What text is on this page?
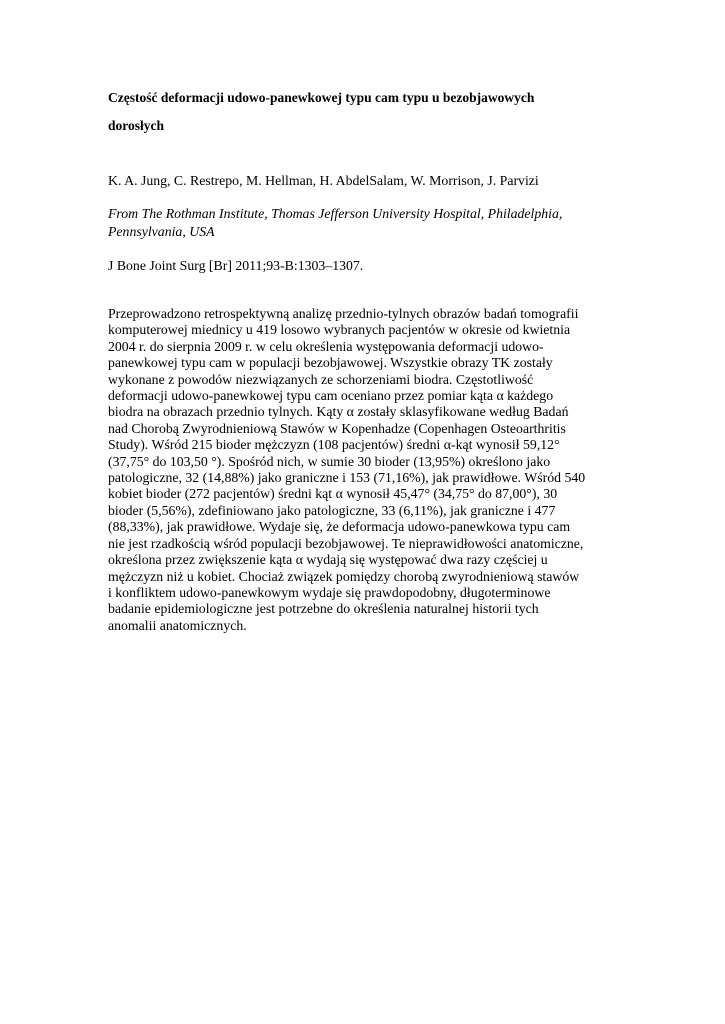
Częstość deformacji udowo-panewkowej typu cam typu u bezobjawowych
dorosłych

K. A. Jung, C. Restrepo, M. Hellman, H. AbdelSalam, W. Morrison, J. Parvizi

From The Rothman Institute, Thomas Jefferson University Hospital, Philadelphia,
Pennsylvania, USA

J Bone Joint Surg [Br] 2011;93-B:1303–1307.

Przeprowadzono retrospektywną analizę przednio-tylnych obrazów badań tomografii
komputerowej miednicy u 419 losowo wybranych pacjentów w okresie od kwietnia
2004 r. do sierpnia 2009 r. w celu określenia występowania deformacji udowo-
panewkowej typu cam w populacji bezobjawowej. Wszystkie obrazy TK zostały
wykonane z powodów niezwiązanych ze schorzeniami biodra. Częstotliwość
deformacji udowo-panewkowej typu cam oceniano przez pomiar kąta α każdego
biodra na obrazach przednio tylnych. Kąty α zostały sklasyfikowane według Badań
nad Chorobą Zwyrodnieniową Stawów w Kopenhadze (Copenhagen Osteoarthritis
Study). Wśród 215 bioder mężczyzn (108 pacjentów) średni α-kąt wynosił 59,12°
(37,75° do 103,50 °). Spośród nich, w sumie 30 bioder (13,95%) określono jako
patologiczne, 32 (14,88%) jako graniczne i 153 (71,16%), jak prawidłowe. Wśród 540
kobiet bioder (272 pacjentów) średni kąt α wynosił 45,47° (34,75° do 87,00°), 30
bioder (5,56%), zdefiniowano jako patologiczne, 33 (6,11%), jak graniczne i 477
(88,33%), jak prawidłowe. Wydaje się, że deformacja udowo-panewkowa typu cam
nie jest rzadkością wśród populacji bezobjawowej. Te nieprawidłowości anatomiczne,
określona przez zwiększenie kąta α wydają się występować dwa razy częściej u
mężczyzn niż u kobiet. Chociaż związek pomiędzy chorobą zwyrodnieniową stawów
i konfliktem udowo-panewkowym wydaje się prawdopodobny, długoterminowe
badanie epidemiologiczne jest potrzebne do określenia naturalnej historii tych
anomalii anatomicznych.
